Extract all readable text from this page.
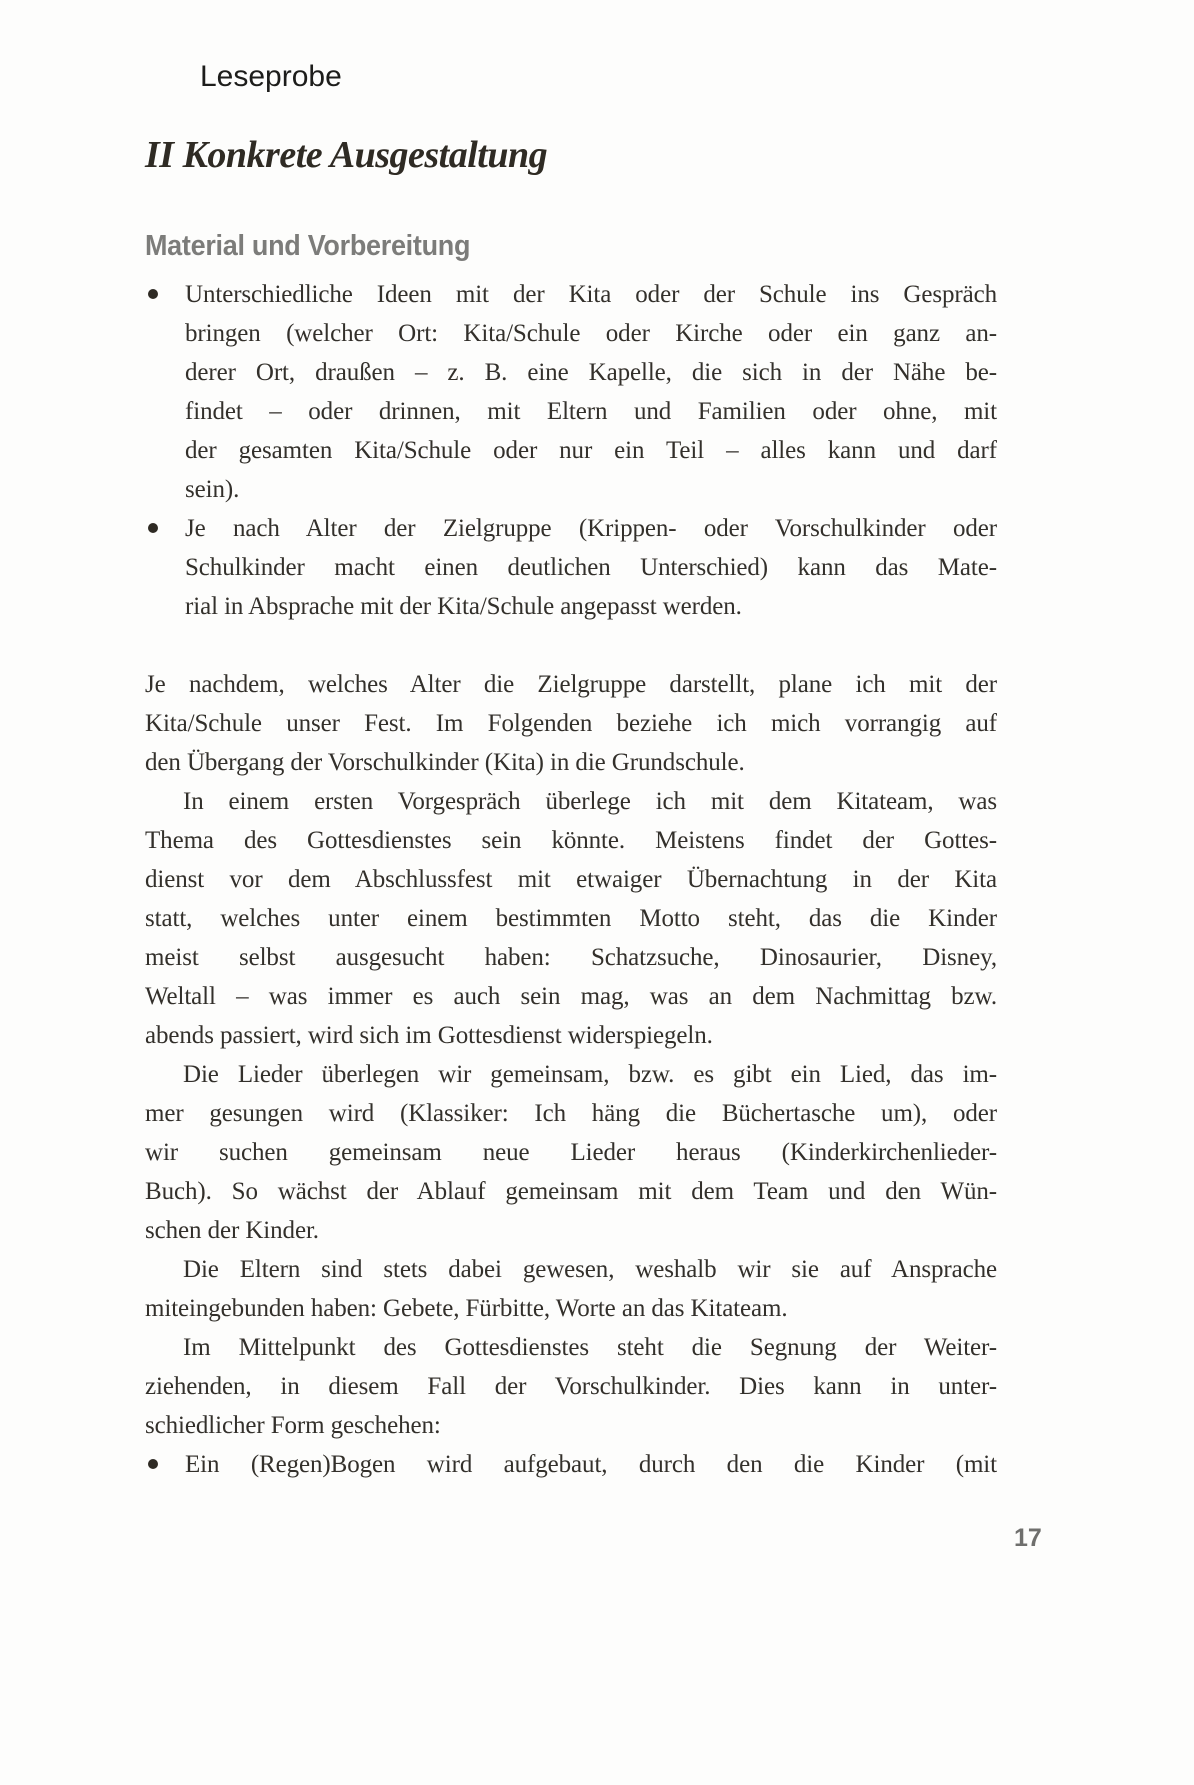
Leseprobe
II Konkrete Ausgestaltung
Material und Vorbereitung
Unterschiedliche Ideen mit der Kita oder der Schule ins Gespräch
bringen (welcher Ort: Kita/Schule oder Kirche oder ein ganz an-
derer Ort, draußen – z. B. eine Kapelle, die sich in der Nähe be-
findet – oder drinnen, mit Eltern und Familien oder ohne, mit
der gesamten Kita/Schule oder nur ein Teil – alles kann und darf
sein).
Je nach Alter der Zielgruppe (Krippen- oder Vorschulkinder oder
Schulkinder macht einen deutlichen Unterschied) kann das Mate-
rial in Absprache mit der Kita/Schule angepasst werden.
Je nachdem, welches Alter die Zielgruppe darstellt, plane ich mit der
Kita/Schule unser Fest. Im Folgenden beziehe ich mich vorrangig auf
den Übergang der Vorschulkinder (Kita) in die Grundschule.
In einem ersten Vorgespräch überlege ich mit dem Kitateam, was
Thema des Gottesdienstes sein könnte. Meistens findet der Gottes-
dienst vor dem Abschlussfest mit etwaiger Übernachtung in der Kita
statt, welches unter einem bestimmten Motto steht, das die Kinder
meist selbst ausgesucht haben: Schatzsuche, Dinosaurier, Disney,
Weltall – was immer es auch sein mag, was an dem Nachmittag bzw.
abends passiert, wird sich im Gottesdienst widerspiegeln.
Die Lieder überlegen wir gemeinsam, bzw. es gibt ein Lied, das im-
mer gesungen wird (Klassiker: Ich häng die Büchertasche um), oder
wir suchen gemeinsam neue Lieder heraus (Kinderkirchenlieder-
Buch). So wächst der Ablauf gemeinsam mit dem Team und den Wün-
schen der Kinder.
Die Eltern sind stets dabei gewesen, weshalb wir sie auf Ansprache
miteingebunden haben: Gebete, Fürbitte, Worte an das Kitateam.
Im Mittelpunkt des Gottesdienstes steht die Segnung der Weiter-
ziehenden, in diesem Fall der Vorschulkinder. Dies kann in unter-
schiedlicher Form geschehen:
Ein (Regen)Bogen wird aufgebaut, durch den die Kinder (mit
17
